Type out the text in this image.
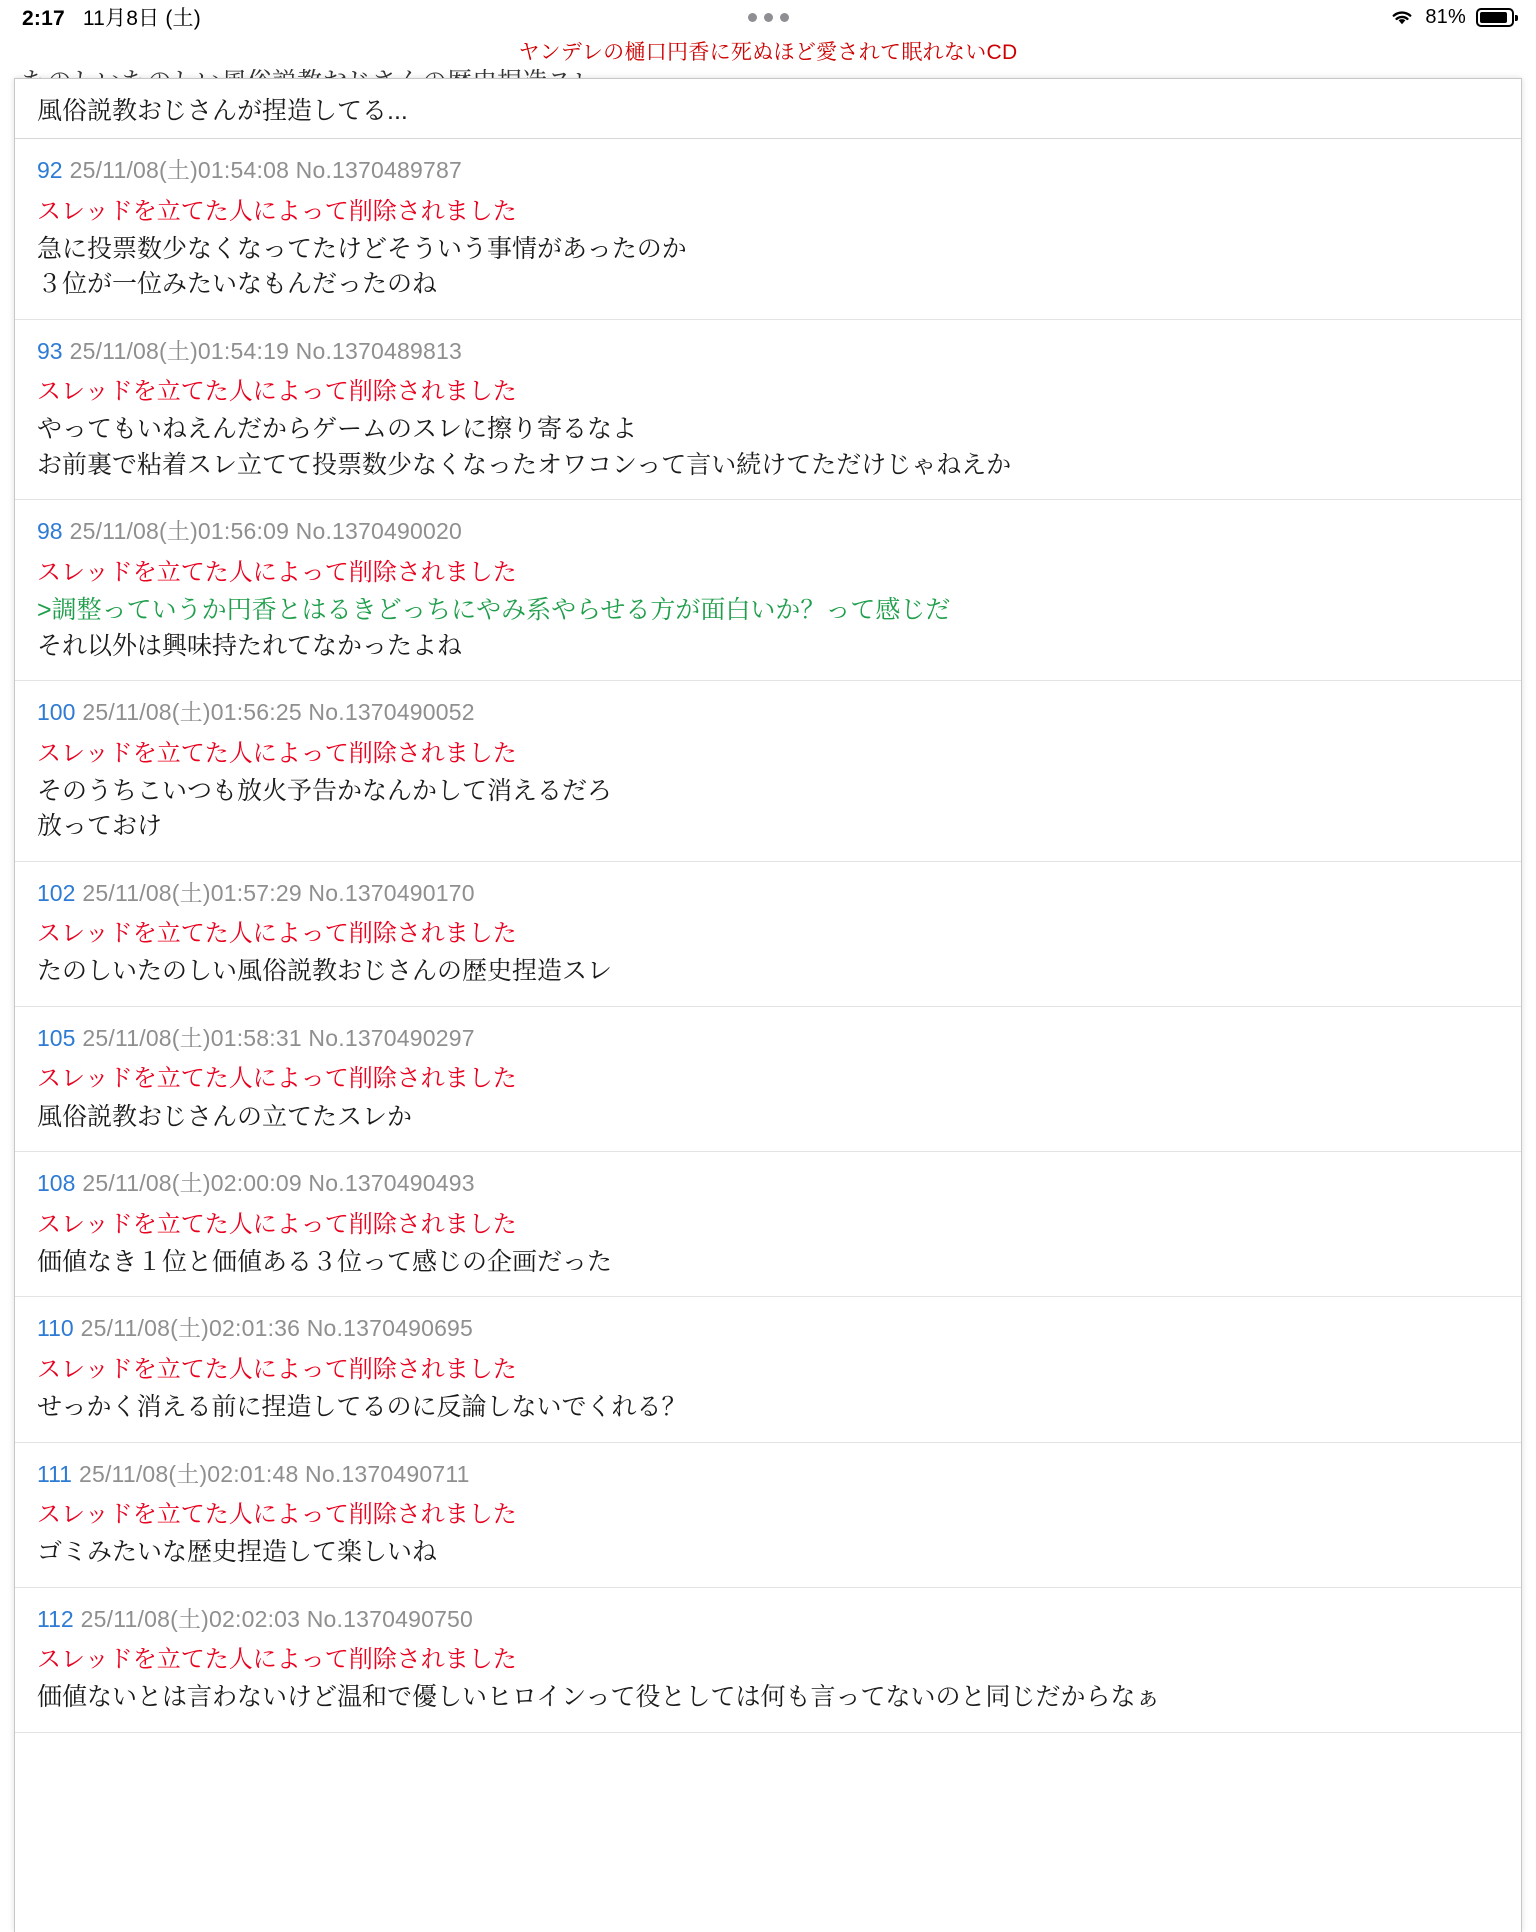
2:17 11月8日 (土)	81%
ヤンデレの樋口円香に死ぬほど愛されて眠れないCD
風俗説教おじさんが捏造してる...
92 25/11/08(土)01:54:08 No.1370489787
スレッドを立てた人によって削除されました
急に投票数少なくなってたけどそういう事情があったのか
３位が一位みたいなもんだったのね
93 25/11/08(土)01:54:19 No.1370489813
スレッドを立てた人によって削除されました
やってもいねえんだからゲームのスレに擦り寄るなよ
お前裏で粘着スレ立てて投票数少なくなったオワコンって言い続けてただけじゃねえか
98 25/11/08(土)01:56:09 No.1370490020
スレッドを立てた人によって削除されました
>調整っていうか円香とはるきどっちにやみ系やらせる方が面白いか？って感じだ
それ以外は興味持たれてなかったよね
100 25/11/08(土)01:56:25 No.1370490052
スレッドを立てた人によって削除されました
そのうちこいつも放火予告かなんかして消えるだろ
放っておけ
102 25/11/08(土)01:57:29 No.1370490170
スレッドを立てた人によって削除されました
たのしいたのしい風俗説教おじさんの歴史捏造スレ
105 25/11/08(土)01:58:31 No.1370490297
スレッドを立てた人によって削除されました
風俗説教おじさんの立てたスレか
108 25/11/08(土)02:00:09 No.1370490493
スレッドを立てた人によって削除されました
価値なき１位と価値ある３位って感じの企画だった
110 25/11/08(土)02:01:36 No.1370490695
スレッドを立てた人によって削除されました
せっかく消える前に捏造してるのに反論しないでくれる？
111 25/11/08(土)02:01:48 No.1370490711
スレッドを立てた人によって削除されました
ゴミみたいな歴史捏造して楽しいね
112 25/11/08(土)02:02:03 No.1370490750
スレッドを立てた人によって削除されました
価値ないとは言わないけど温和で優しいヒロインって役としては何も言ってないのと同じだからなぁ
